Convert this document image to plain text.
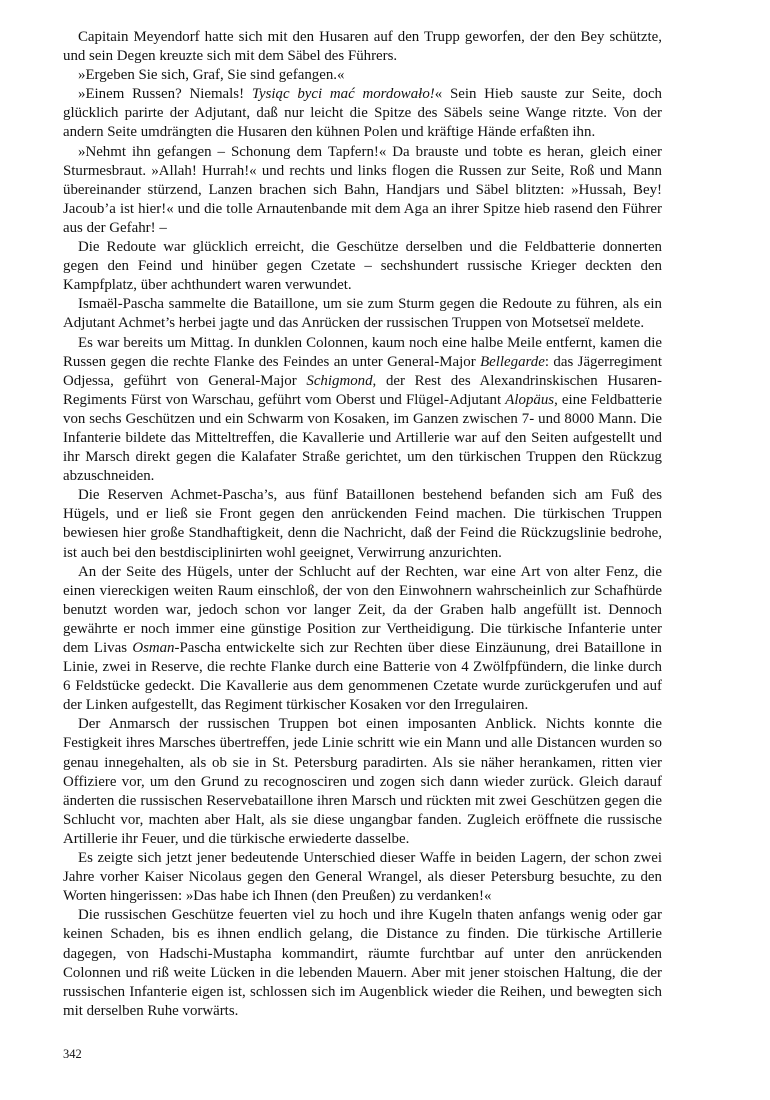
Capitain Meyendorf hatte sich mit den Husaren auf den Trupp geworfen, der den Bey schützte, und sein Degen kreuzte sich mit dem Säbel des Führers.

»Ergeben Sie sich, Graf, Sie sind gefangen.«

»Einem Russen? Niemals! Tysiąc byci mać mordowało!« Sein Hieb sauste zur Seite, doch glücklich parirte der Adjutant, daß nur leicht die Spitze des Säbels seine Wange ritzte. Von der andern Seite umdrängten die Husaren den kühnen Polen und kräftige Hände erfaßten ihn.

»Nehmt ihn gefangen – Schonung dem Tapfern!« Da brauste und tobte es heran, gleich einer Sturmesbraut. »Allah! Hurrah!« und rechts und links flogen die Russen zur Seite, Roß und Mann übereinander stürzend, Lanzen brachen sich Bahn, Handjars und Säbel blitzten: »Hussah, Bey! Jacoub’a ist hier!« und die tolle Arnautenbande mit dem Aga an ihrer Spitze hieb rasend den Führer aus der Gefahr! –

Die Redoute war glücklich erreicht, die Geschütze derselben und die Feldbatterie donnerten gegen den Feind und hinüber gegen Czetate – sechshundert russische Krieger deckten den Kampfplatz, über achthundert waren verwundet.

Ismaël-Pascha sammelte die Bataillone, um sie zum Sturm gegen die Redoute zu führen, als ein Adjutant Achmet’s herbei jagte und das Anrücken der russischen Truppen von Motsetseï meldete.

Es war bereits um Mittag. In dunklen Colonnen, kaum noch eine halbe Meile entfernt, kamen die Russen gegen die rechte Flanke des Feindes an unter General-Major Bellegarde: das Jägerregiment Odjessa, geführt von General-Major Schigmond, der Rest des Alexandrinskischen Husaren-Regiments Fürst von Warschau, geführt vom Oberst und Flügel-Adjutant Alopäus, eine Feldbatterie von sechs Geschützen und ein Schwarm von Kosaken, im Ganzen zwischen 7- und 8000 Mann. Die Infanterie bildete das Mitteltreffen, die Kavallerie und Artillerie war auf den Seiten aufgestellt und ihr Marsch direkt gegen die Kalafater Straße gerichtet, um den türkischen Truppen den Rückzug abzuschneiden.

Die Reserven Achmet-Pascha’s, aus fünf Bataillonen bestehend befanden sich am Fuß des Hügels, und er ließ sie Front gegen den anrückenden Feind machen. Die türkischen Truppen bewiesen hier große Standhaftigkeit, denn die Nachricht, daß der Feind die Rückzugslinie bedrohe, ist auch bei den bestdisciplinirten wohl geeignet, Verwirrung anzurichten.

An der Seite des Hügels, unter der Schlucht auf der Rechten, war eine Art von alter Fenz, die einen viereckigen weiten Raum einschloß, der von den Einwohnern wahrscheinlich zur Schafhürde benutzt worden war, jedoch schon vor langer Zeit, da der Graben halb angefüllt ist. Dennoch gewährte er noch immer eine günstige Position zur Vertheidigung. Die türkische Infanterie unter dem Livas Osman-Pascha entwickelte sich zur Rechten über diese Einzäunung, drei Bataillone in Linie, zwei in Reserve, die rechte Flanke durch eine Batterie von 4 Zwölfpfündern, die linke durch 6 Feldstücke gedeckt. Die Kavallerie aus dem genommenen Czetate wurde zurückgerufen und auf der Linken aufgestellt, das Regiment türkischer Kosaken vor den Irregulairen.

Der Anmarsch der russischen Truppen bot einen imposanten Anblick. Nichts konnte die Festigkeit ihres Marsches übertreffen, jede Linie schritt wie ein Mann und alle Distancen wurden so genau innegehalten, als ob sie in St. Petersburg paradirten. Als sie näher herankamen, ritten vier Offiziere vor, um den Grund zu recognosciren und zogen sich dann wieder zurück. Gleich darauf änderten die russischen Reservebataillone ihren Marsch und rückten mit zwei Geschützen gegen die Schlucht vor, machten aber Halt, als sie diese ungangbar fanden. Zugleich eröffnete die russische Artillerie ihr Feuer, und die türkische erwiederte dasselbe.

Es zeigte sich jetzt jener bedeutende Unterschied dieser Waffe in beiden Lagern, der schon zwei Jahre vorher Kaiser Nicolaus gegen den General Wrangel, als dieser Petersburg besuchte, zu den Worten hingerissen: »Das habe ich Ihnen (den Preußen) zu verdanken!«

Die russischen Geschütze feuerten viel zu hoch und ihre Kugeln thaten anfangs wenig oder gar keinen Schaden, bis es ihnen endlich gelang, die Distance zu finden. Die türkische Artillerie dagegen, von Hadschi-Mustapha kommandirt, räumte furchtbar auf unter den anrückenden Colonnen und riß weite Lücken in die lebenden Mauern. Aber mit jener stoischen Haltung, die der russischen Infanterie eigen ist, schlossen sich im Augenblick wieder die Reihen, und bewegten sich mit derselben Ruhe vorwärts.

342
